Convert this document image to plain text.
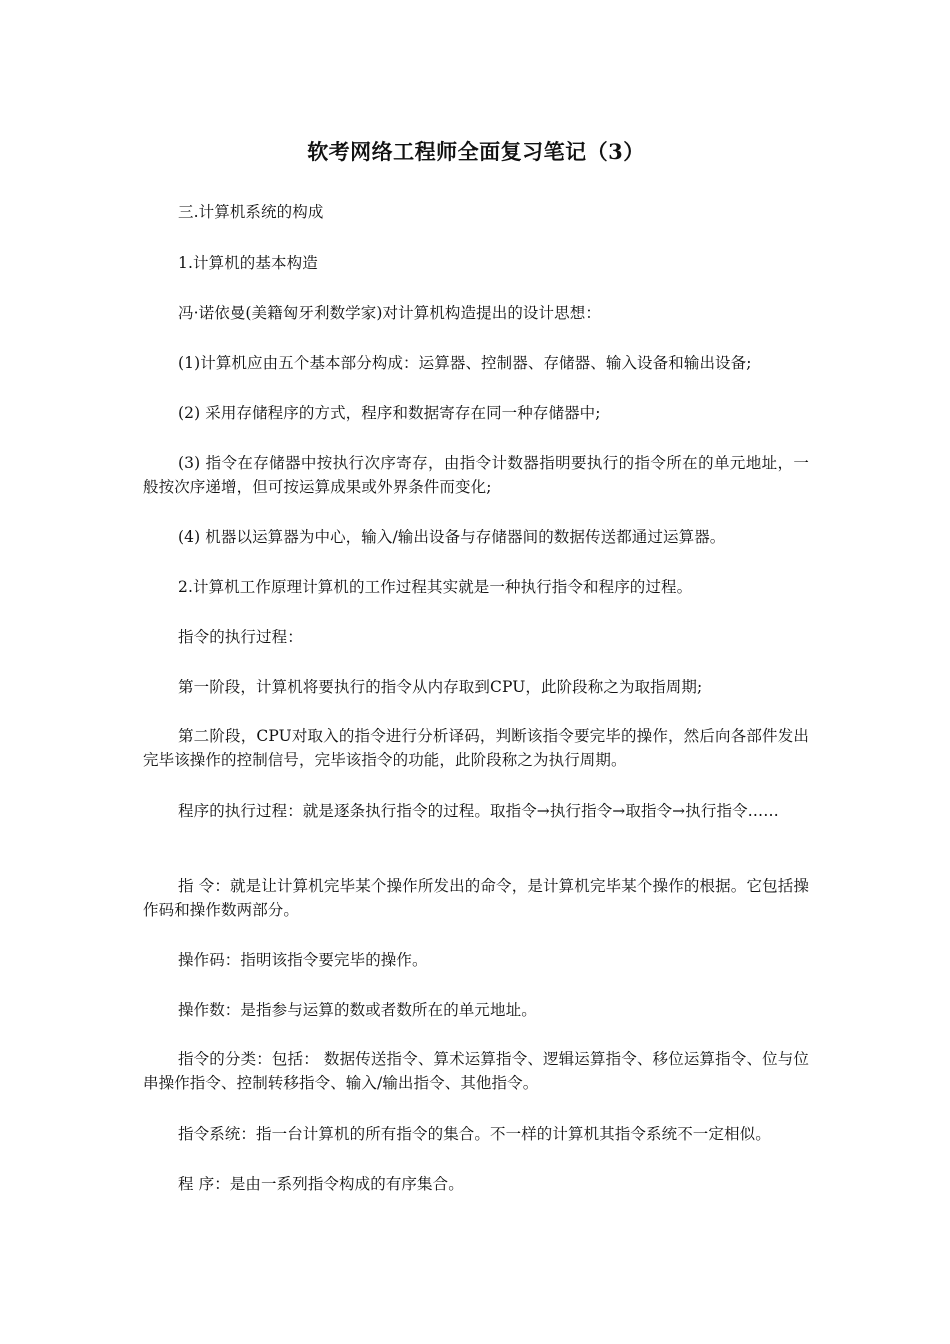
软考网络工程师全面复习笔记（3）

三.计算机系统的构成

1.计算机的基本构造

冯·诺依曼(美籍匈牙利数学家)对计算机构造提出的设计思想：

(1)计算机应由五个基本部分构成：运算器、控制器、存储器、输入设备和输出设备;

(2) 采用存储程序的方式，程序和数据寄存在同一种存储器中;

(3) 指令在存储器中按执行次序寄存，由指令计数器指明要执行的指令所在的单元地址，一般按次序递增，但可按运算成果或外界条件而变化;

(4) 机器以运算器为中心，输入/输出设备与存储器间的数据传送都通过运算器。

2.计算机工作原理计算机的工作过程其实就是一种执行指令和程序的过程。

指令的执行过程：

第一阶段，计算机将要执行的指令从内存取到CPU，此阶段称之为取指周期;

第二阶段，CPU对取入的指令进行分析译码，判断该指令要完毕的操作，然后向各部件发出完毕该操作的控制信号，完毕该指令的功能，此阶段称之为执行周期。

程序的执行过程：就是逐条执行指令的过程。取指令→执行指令→取指令→执行指令……

指 令：就是让计算机完毕某个操作所发出的命令，是计算机完毕某个操作的根据。它包括操作码和操作数两部分。

操作码：指明该指令要完毕的操作。

操作数：是指参与运算的数或者数所在的单元地址。

指令的分类：包括： 数据传送指令、算术运算指令、逻辑运算指令、移位运算指令、位与位串操作指令、控制转移指令、输入/输出指令、其他指令。

指令系统：指一台计算机的所有指令的集合。不一样的计算机其指令系统不一定相似。

程 序：是由一系列指令构成的有序集合。
